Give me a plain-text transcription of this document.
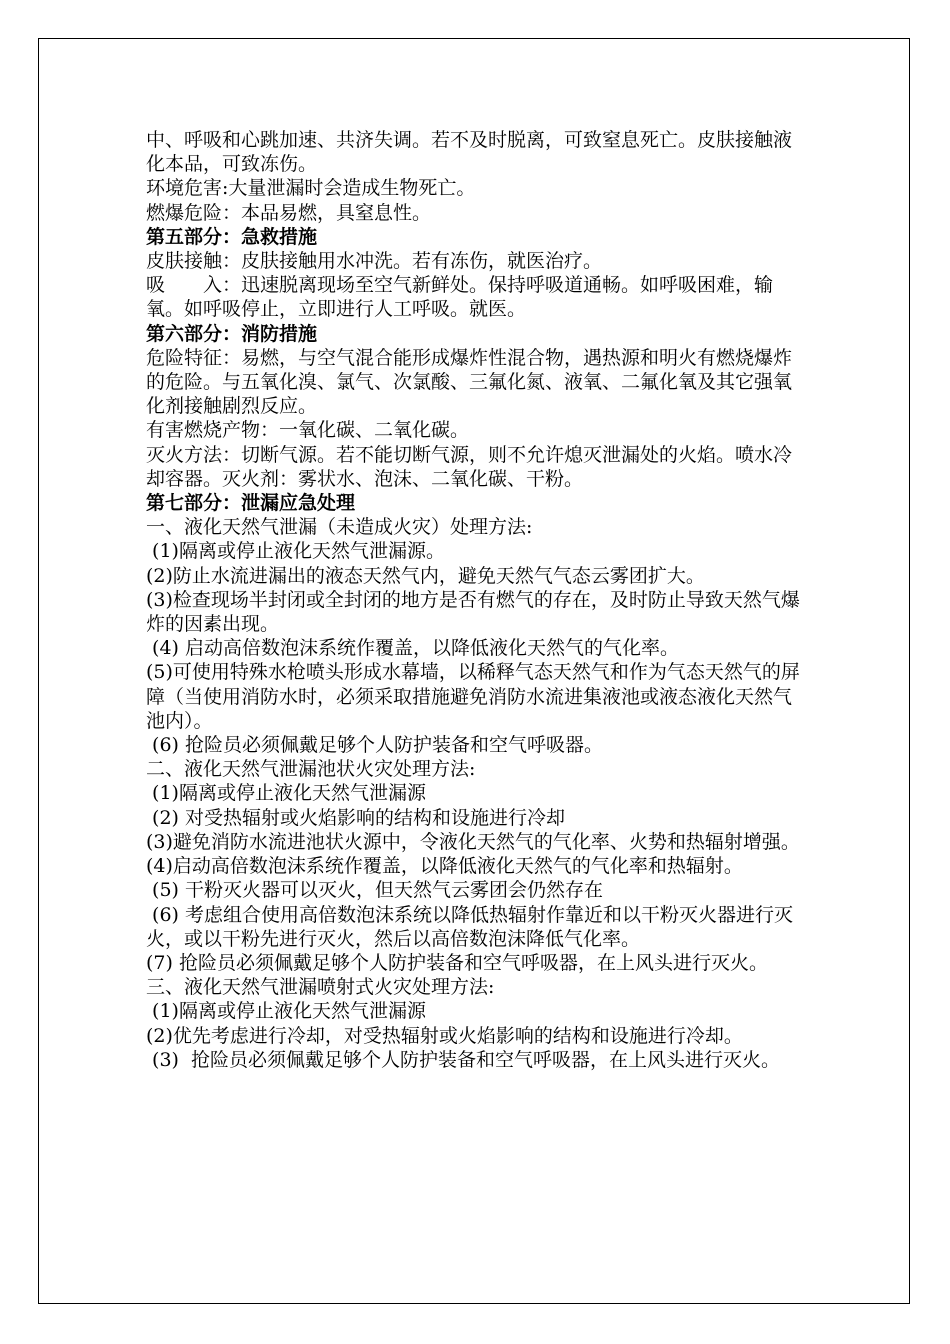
中、呼吸和心跳加速、共济失调。若不及时脱离，可致窒息死亡。皮肤接触液化本品，可致冻伤。

环境危害:大量泄漏时会造成生物死亡。

燃爆危险：本品易燃，具窒息性。

第五部分：急救措施

皮肤接触：皮肤接触用水冲洗。若有冻伤，就医治疗。

吸　　入：迅速脱离现场至空气新鲜处。保持呼吸道通畅。如呼吸困难，输氧。如呼吸停止，立即进行人工呼吸。就医。

第六部分：消防措施

危险特征：易燃，与空气混合能形成爆炸性混合物，遇热源和明火有燃烧爆炸的危险。与五氧化溴、氯气、次氯酸、三氟化氮、液氧、二氟化氧及其它强氧化剂接触剧烈反应。

有害燃烧产物：一氧化碳、二氧化碳。

灭火方法：切断气源。若不能切断气源，则不允许熄灭泄漏处的火焰。喷水冷却容器。灭火剂：雾状水、泡沫、二氧化碳、干粉。

第七部分：泄漏应急处理

一、液化天然气泄漏（未造成火灾）处理方法:

(1)隔离或停止液化天然气泄漏源。

(2)防止水流进漏出的液态天然气内，避免天然气气态云雾团扩大。

(3)检查现场半封闭或全封闭的地方是否有燃气的存在，及时防止导致天然气爆炸的因素出现。

(4) 启动高倍数泡沫系统作覆盖，以降低液化天然气的气化率。

(5)可使用特殊水枪喷头形成水幕墙，以稀释气态天然气和作为气态天然气的屏障（当使用消防水时，必须采取措施避免消防水流进集液池或液态液化天然气池内）。

(6) 抢险员必须佩戴足够个人防护装备和空气呼吸器。

二、液化天然气泄漏池状火灾处理方法:

(1)隔离或停止液化天然气泄漏源

(2) 对受热辐射或火焰影响的结构和设施进行冷却

(3)避免消防水流进池状火源中，令液化天然气的气化率、火势和热辐射增强。

(4)启动高倍数泡沫系统作覆盖，以降低液化天然气的气化率和热辐射。

(5) 干粉灭火器可以灭火，但天然气云雾团会仍然存在

(6) 考虑组合使用高倍数泡沫系统以降低热辐射作靠近和以干粉灭火器进行灭火，或以干粉先进行灭火，然后以高倍数泡沫降低气化率。

(7) 抢险员必须佩戴足够个人防护装备和空气呼吸器，在上风头进行灭火。

三、液化天然气泄漏喷射式火灾处理方法:

(1)隔离或停止液化天然气泄漏源

(2)优先考虑进行冷却，对受热辐射或火焰影响的结构和设施进行冷却。

(3)  抢险员必须佩戴足够个人防护装备和空气呼吸器，在上风头进行灭火。
